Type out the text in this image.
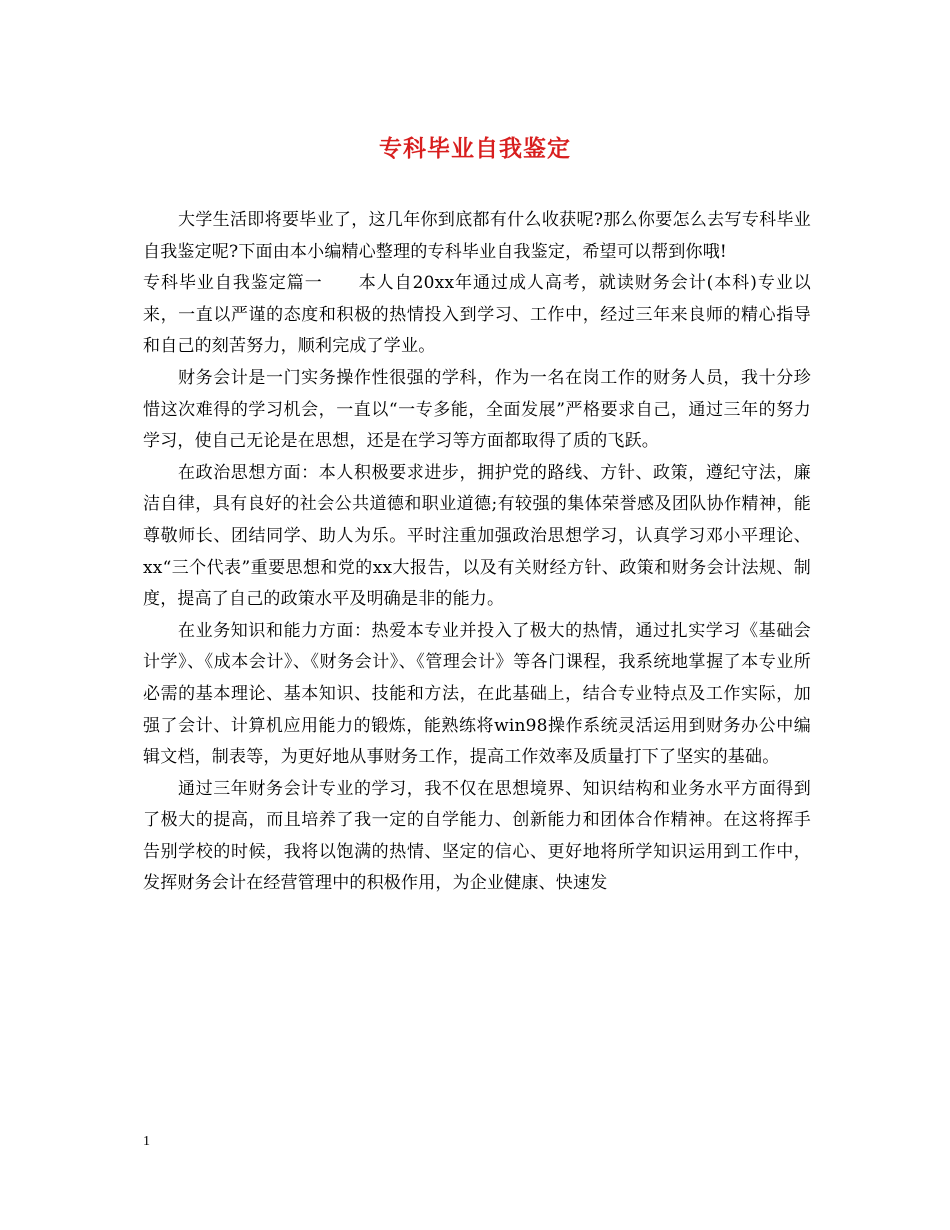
专科毕业自我鉴定

大学生活即将要毕业了，这几年你到底都有什么收获呢?那么你要怎么去写专科毕业自我鉴定呢?下面由本小编精心整理的专科毕业自我鉴定，希望可以帮到你哦!

专科毕业自我鉴定篇一　　本人自20xx年通过成人高考，就读财务会计(本科)专业以来，一直以严谨的态度和积极的热情投入到学习、工作中，经过三年来良师的精心指导和自己的刻苦努力，顺利完成了学业。

财务会计是一门实务操作性很强的学科，作为一名在岗工作的财务人员，我十分珍惜这次难得的学习机会，一直以“一专多能，全面发展”严格要求自己，通过三年的努力学习，使自己无论是在思想，还是在学习等方面都取得了质的飞跃。

在政治思想方面：本人积极要求进步，拥护党的路线、方针、政策，遵纪守法，廉洁自律，具有良好的社会公共道德和职业道德;有较强的集体荣誉感及团队协作精神，能尊敬师长、团结同学、助人为乐。平时注重加强政治思想学习，认真学习邓小平理论、xx“三个代表”重要思想和党的xx大报告，以及有关财经方针、政策和财务会计法规、制度，提高了自己的政策水平及明确是非的能力。

在业务知识和能力方面：热爱本专业并投入了极大的热情，通过扎实学习《基础会计学》、《成本会计》、《财务会计》、《管理会计》等各门课程，我系统地掌握了本专业所必需的基本理论、基本知识、技能和方法，在此基础上，结合专业特点及工作实际，加强了会计、计算机应用能力的锻炼，能熟练将win98操作系统灵活运用到财务办公中编辑文档，制表等，为更好地从事财务工作，提高工作效率及质量打下了坚实的基础。

通过三年财务会计专业的学习，我不仅在思想境界、知识结构和业务水平方面得到了极大的提高，而且培养了我一定的自学能力、创新能力和团体合作精神。在这将挥手告别学校的时候，我将以饱满的热情、坚定的信心、更好地将所学知识运用到工作中，发挥财务会计在经营管理中的积极作用，为企业健康、快速发

1
